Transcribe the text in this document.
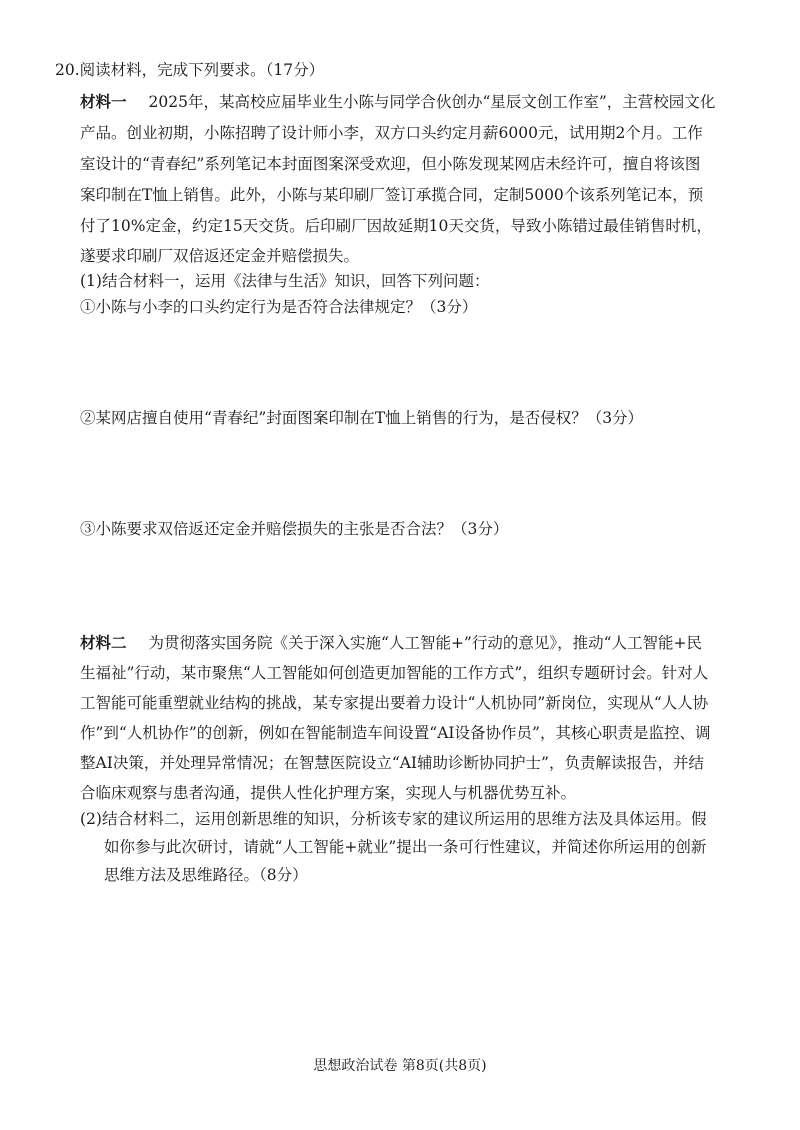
20.阅读材料，完成下列要求。（17分）
材料一 2025年，某高校应届毕业生小陈与同学合伙创办“星辰文创工作室”，主营校园文化
产品。创业初期，小陈招聘了设计师小李，双方口头约定月薪6000元，试用期2个月。工作
室设计的“青春纪”系列笔记本封面图案深受欢迎，但小陈发现某网店未经许可，擅自将该图
案印制在T恤上销售。此外，小陈与某印刷厂签订承揽合同，定制5000个该系列笔记本，预
付了10%定金，约定15天交货。后印刷厂因故延期10天交货，导致小陈错过最佳销售时机，
遂要求印刷厂双倍返还定金并赔偿损失。
(1)结合材料一，运用《法律与生活》知识，回答下列问题：
①小陈与小李的口头约定行为是否符合法律规定？（3分）
②某网店擅自使用“青春纪”封面图案印制在T恤上销售的行为，是否侵权？（3分）
③小陈要求双倍返还定金并赔偿损失的主张是否合法？（3分）
材料二 为贯彻落实国务院《关于深入实施“人工智能+”行动的意见》，推动“人工智能+民
生福祉”行动，某市聚焦“人工智能如何创造更加智能的工作方式”，组织专题研讨会。针对人
工智能可能重塑就业结构的挑战，某专家提出要着力设计“人机协同”新岗位，实现从“人人协
作”到“人机协作”的创新，例如在智能制造车间设置“AI设备协作员”，其核心职责是监控、调
整AI决策，并处理异常情况；在智慧医院设立“AI辅助诊断协同护士”，负责解读报告，并结
合临床观察与患者沟通，提供人性化护理方案，实现人与机器优势互补。
(2)结合材料二，运用创新思维的知识，分析该专家的建议所运用的思维方法及具体运用。假
如你参与此次研讨，请就“人工智能+就业”提出一条可行性建议，并简述你所运用的创新
思维方法及思维路径。（8分）
思想政治试卷 第8页(共8页)
